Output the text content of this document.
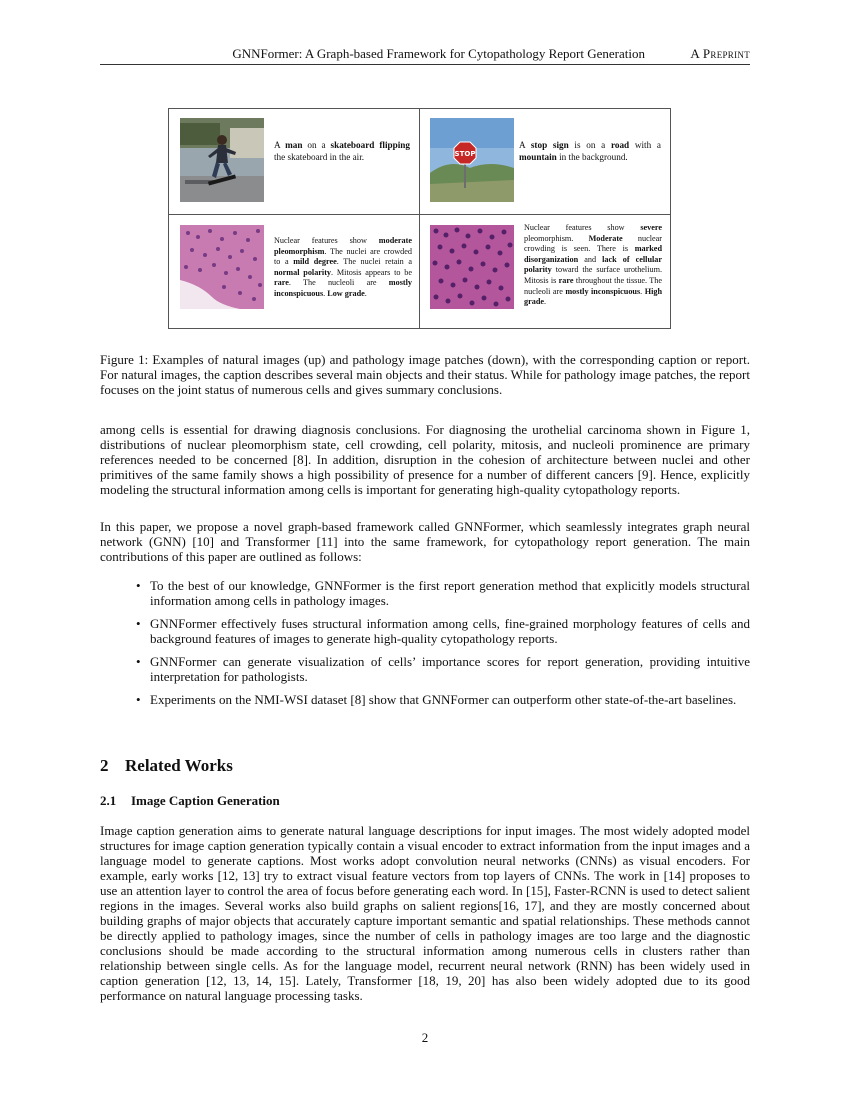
GNNFormer: A Graph-based Framework for Cytopathology Report Generation	A Preprint
A man on a skateboard flipping the skateboard in the air.	STOP
A stop sign is on a road with a mountain in the background.
Nuclear features show moderate pleomorphism. The nuclei are crowded to a mild degree. The nuclei retain a normal polarity. Mitosis appears to be rare. The nucleoli are mostly inconspicuous. Low grade.
Nuclear features show severe pleomorphism. Moderate nuclear crowding is seen. There is marked disorganization and lack of cellular polarity toward the surface urothelium. Mitosis is rare throughout the tissue. The nucleoli are mostly inconspicuous. High grade.
Figure 1: Examples of natural images (up) and pathology image patches (down), with the corresponding caption or report. For natural images, the caption describes several main objects and their status. While for pathology image patches, the report focuses on the joint status of numerous cells and gives summary conclusions.

among cells is essential for drawing diagnosis conclusions. For diagnosing the urothelial carcinoma shown in Figure 1, distributions of nuclear pleomorphism state, cell crowding, cell polarity, mitosis, and nucleoli prominence are primary references needed to be concerned [8]. In addition, disruption in the cohesion of architecture between nuclei and other primitives of the same family shows a high possibility of presence for a number of different cancers [9]. Hence, explicitly modeling the structural information among cells is important for generating high-quality cytopathology reports.

In this paper, we propose a novel graph-based framework called GNNFormer, which seamlessly integrates graph neural network (GNN) [10] and Transformer [11] into the same framework, for cytopathology report generation. The main contributions of this paper are outlined as follows:

• To the best of our knowledge, GNNFormer is the first report generation method that explicitly models structural information among cells in pathology images.
• GNNFormer effectively fuses structural information among cells, fine-grained morphology features of cells and background features of images to generate high-quality cytopathology reports.
• GNNFormer can generate visualization of cells’ importance scores for report generation, providing intuitive interpretation for pathologists.
• Experiments on the NMI-WSI dataset [8] show that GNNFormer can outperform other state-of-the-art baselines.
2 Related Works
2.1 Image Caption Generation

Image caption generation aims to generate natural language descriptions for input images. The most widely adopted model structures for image caption generation typically contain a visual encoder to extract information from the input images and a language model to generate captions. Most works adopt convolution neural networks (CNNs) as visual encoders. For example, early works [12, 13] try to extract visual feature vectors from top layers of CNNs. The work in [14] proposes to use an attention layer to control the area of focus before generating each word. In [15], Faster-RCNN is used to detect salient regions in the images. Several works also build graphs on salient regions[16, 17], and they are mostly concerned about building graphs of major objects that accurately capture important semantic and spatial relationships. These methods cannot be directly applied to pathology images, since the number of cells in pathology images are too large and the diagnostic conclusions should be made according to the structural information among numerous cells in clusters rather than relationship between single cells. As for the language model, recurrent neural network (RNN) has been widely used in caption generation [12, 13, 14, 15]. Lately, Transformer [18, 19, 20] has also been widely adopted due to its good performance on natural language processing tasks.

2
